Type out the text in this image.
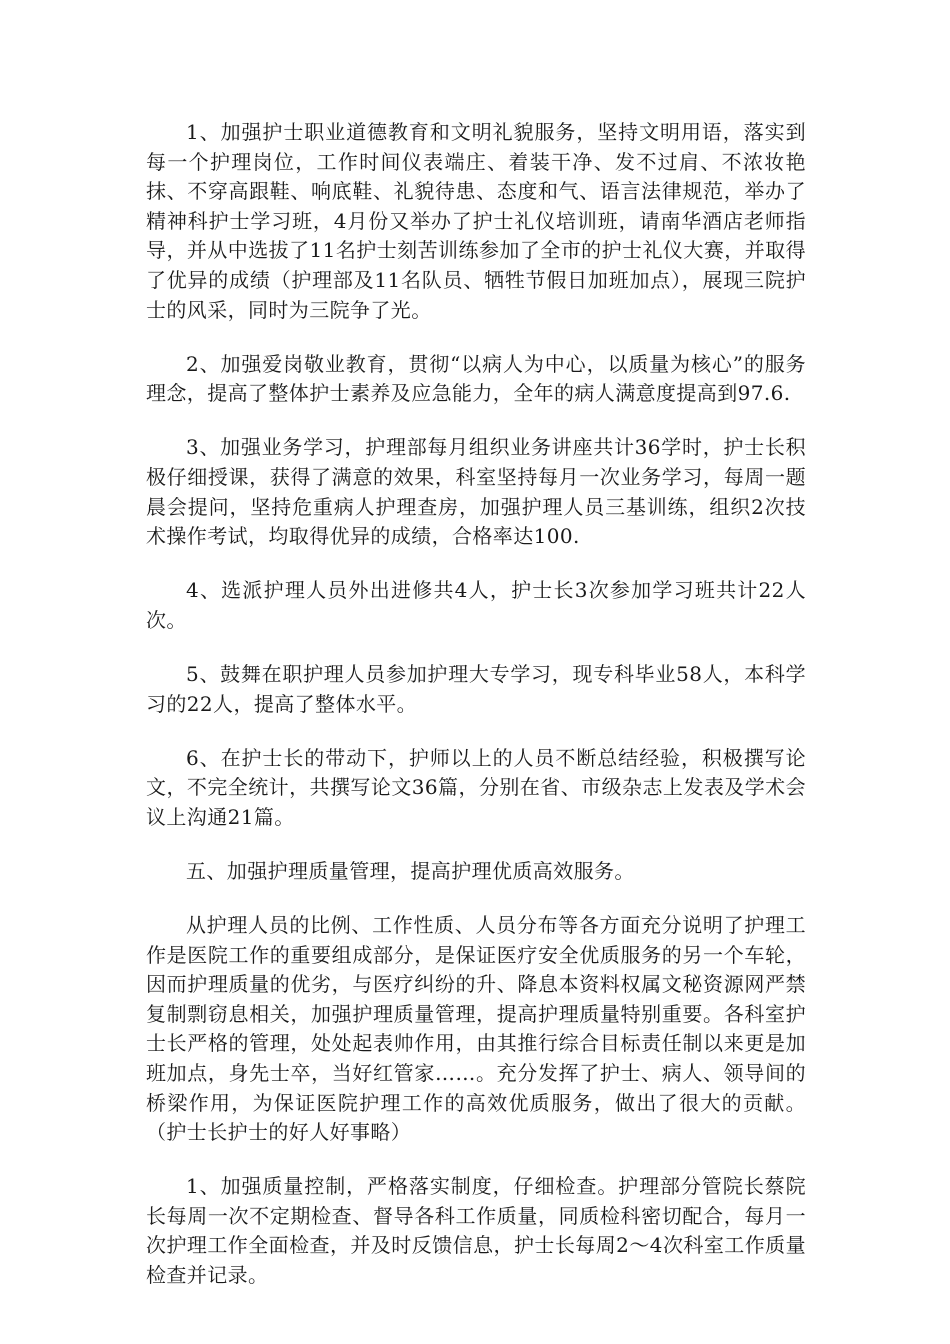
1、加强护士职业道德教育和文明礼貌服务，坚持文明用语，落实到每一个护理岗位，工作时间仪表端庄、着装干净、发不过肩、不浓妆艳抹、不穿高跟鞋、响底鞋、礼貌待患、态度和气、语言法律规范，举办了精神科护士学习班，4月份又举办了护士礼仪培训班，请南华酒店老师指导，并从中选拔了11名护士刻苦训练参加了全市的护士礼仪大赛，并取得了优异的成绩（护理部及11名队员、牺牲节假日加班加点），展现三院护士的风采，同时为三院争了光。

2、加强爱岗敬业教育，贯彻“以病人为中心，以质量为核心”的服务理念，提高了整体护士素养及应急能力，全年的病人满意度提高到97.6.

3、加强业务学习，护理部每月组织业务讲座共计36学时，护士长积极仔细授课，获得了满意的效果，科室坚持每月一次业务学习，每周一题晨会提问，坚持危重病人护理查房，加强护理人员三基训练，组织2次技术操作考试，均取得优异的成绩，合格率达100.

4、选派护理人员外出进修共4人，护士长3次参加学习班共计22人次。

5、鼓舞在职护理人员参加护理大专学习，现专科毕业58人，本科学习的22人，提高了整体水平。

6、在护士长的带动下，护师以上的人员不断总结经验，积极撰写论文，不完全统计，共撰写论文36篇，分别在省、市级杂志上发表及学术会议上沟通21篇。

五、加强护理质量管理，提高护理优质高效服务。

从护理人员的比例、工作性质、人员分布等各方面充分说明了护理工作是医院工作的重要组成部分，是保证医疗安全优质服务的另一个车轮，因而护理质量的优劣，与医疗纠纷的升、降息本资料权属文秘资源网严禁复制剽窃息相关，加强护理质量管理，提高护理质量特别重要。各科室护士长严格的管理，处处起表帅作用，由其推行综合目标责任制以来更是加班加点，身先士卒，当好红管家……。充分发挥了护士、病人、领导间的桥梁作用，为保证医院护理工作的高效优质服务，做出了很大的贡献。（护士长护士的好人好事略）

1、加强质量控制，严格落实制度，仔细检查。护理部分管院长蔡院长每周一次不定期检查、督导各科工作质量，同质检科密切配合，每月一次护理工作全面检查，并及时反馈信息，护士长每周2～4次科室工作质量检查并记录。
